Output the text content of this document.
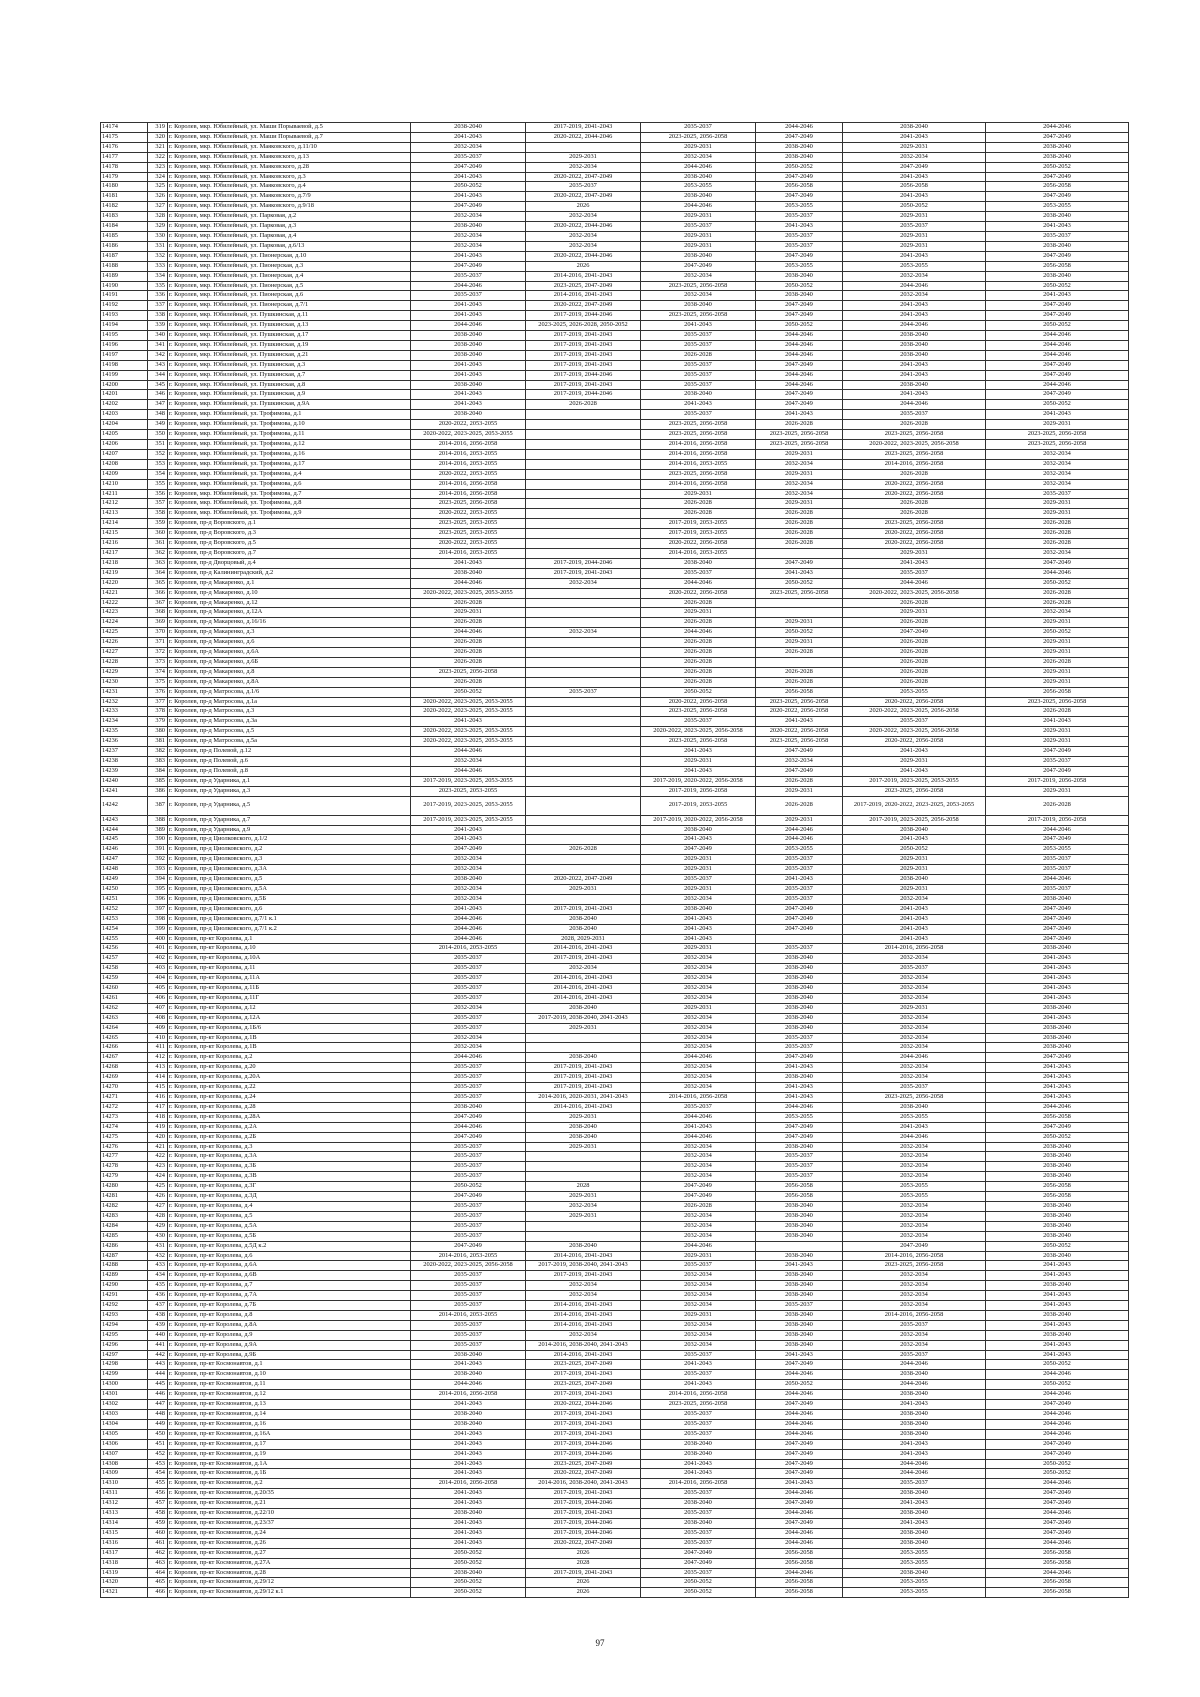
14174	319	г. Королев, мкр. Юбилейный, ул. Маши Порываевой, д.5	2038-2040	2017-2019, 2041-2043	2035-2037	2044-2046	2038-2040	2044-2046
14175	320	г. Королев, мкр. Юбилейный, ул. Маши Порываевой, д.7	2041-2043	2020-2022, 2044-2046	2023-2025, 2056-2058	2047-2049	2041-2043	2047-2049
14176	321	г. Королев, мкр. Юбилейный, ул. Маяковского, д.11/10	2032-2034		2029-2031	2038-2040	2029-2031	2038-2040
14177	322	г. Королев, мкр. Юбилейный, ул. Маяковского, д.13	2035-2037	2029-2031	2032-2034	2038-2040	2032-2034	2038-2040
14178	323	г. Королев, мкр. Юбилейный, ул. Маяковского, д.28	2047-2049	2032-2034	2044-2046	2050-2052	2047-2049	2050-2052
14179	324	г. Королев, мкр. Юбилейный, ул. Маяковского, д.3	2041-2043	2020-2022, 2047-2049	2038-2040	2047-2049	2041-2043	2047-2049
14180	325	г. Королев, мкр. Юбилейный, ул. Маяковского, д.4	2050-2052	2035-2037	2053-2055	2056-2058	2056-2058	2056-2058
14181	326	г. Королев, мкр. Юбилейный, ул. Маяковского, д.7/9	2041-2043	2020-2022, 2047-2049	2038-2040	2047-2049	2041-2043	2047-2049
14182	327	г. Королев, мкр. Юбилейный, ул. Маяковского, д.9/18	2047-2049	2026	2044-2046	2053-2055	2050-2052	2053-2055
14183	328	г. Королев, мкр. Юбилейный, ул. Парковая, д.2	2032-2034	2032-2034	2029-2031	2035-2037	2029-2031	2038-2040
14184	329	г. Королев, мкр. Юбилейный, ул. Парковая, д.3	2038-2040	2020-2022, 2044-2046	2035-2037	2041-2043	2035-2037	2041-2043
14185	330	г. Королев, мкр. Юбилейный, ул. Парковая, д.4	2032-2034	2032-2034	2029-2031	2035-2037	2029-2031	2035-2037
14186	331	г. Королев, мкр. Юбилейный, ул. Парковая, д.6/13	2032-2034	2032-2034	2029-2031	2035-2037	2029-2031	2038-2040
14187	332	г. Королев, мкр. Юбилейный, ул. Пионерская, д.10	2041-2043	2020-2022, 2044-2046	2038-2040	2047-2049	2041-2043	2047-2049
14188	333	г. Королев, мкр. Юбилейный, ул. Пионерская, д.3	2047-2049	2026	2047-2049	2053-2055	2053-2055	2056-2058
14189	334	г. Королев, мкр. Юбилейный, ул. Пионерская, д.4	2035-2037	2014-2016, 2041-2043	2032-2034	2038-2040	2032-2034	2038-2040
14190	335	г. Королев, мкр. Юбилейный, ул. Пионерская, д.5	2044-2046	2023-2025, 2047-2049	2023-2025, 2056-2058	2050-2052	2044-2046	2050-2052
14191	336	г. Королев, мкр. Юбилейный, ул. Пионерская, д.6	2035-2037	2014-2016, 2041-2043	2032-2034	2038-2040	2032-2034	2041-2043
14192	337	г. Королев, мкр. Юбилейный, ул. Пионерская, д.7/1	2041-2043	2020-2022, 2047-2049	2038-2040	2047-2049	2041-2043	2047-2049
14193	338	г. Королев, мкр. Юбилейный, ул. Пушкинская, д.11	2041-2043	2017-2019, 2044-2046	2023-2025, 2056-2058	2047-2049	2041-2043	2047-2049
14194	339	г. Королев, мкр. Юбилейный, ул. Пушкинская, д.13	2044-2046	2023-2025, 2026-2028, 2050-2052	2041-2043	2050-2052	2044-2046	2050-2052
14195	340	г. Королев, мкр. Юбилейный, ул. Пушкинская, д.17	2038-2040	2017-2019, 2041-2043	2035-2037	2044-2046	2038-2040	2044-2046
14196	341	г. Королев, мкр. Юбилейный, ул. Пушкинская, д.19	2038-2040	2017-2019, 2041-2043	2035-2037	2044-2046	2038-2040	2044-2046
14197	342	г. Королев, мкр. Юбилейный, ул. Пушкинская, д.21	2038-2040	2017-2019, 2041-2043	2026-2028	2044-2046	2038-2040	2044-2046
14198	343	г. Королев, мкр. Юбилейный, ул. Пушкинская, д.3	2041-2043	2017-2019, 2041-2043	2035-2037	2047-2049	2041-2043	2047-2049
14199	344	г. Королев, мкр. Юбилейный, ул. Пушкинская, д.7	2041-2043	2017-2019, 2044-2046	2035-2037	2044-2046	2041-2043	2047-2049
14200	345	г. Королев, мкр. Юбилейный, ул. Пушкинская, д.8	2038-2040	2017-2019, 2041-2043	2035-2037	2044-2046	2038-2040	2044-2046
14201	346	г. Королев, мкр. Юбилейный, ул. Пушкинская, д.9	2041-2043	2017-2019, 2044-2046	2038-2040	2047-2049	2041-2043	2047-2049
14202	347	г. Королев, мкр. Юбилейный, ул. Пушкинская, д.9А	2041-2043	2026-2028	2041-2043	2047-2049	2044-2046	2050-2052
14203	348	г. Королев, мкр. Юбилейный, ул. Трофимова, д.1	2038-2040		2035-2037	2041-2043	2035-2037	2041-2043
14204	349	г. Королев, мкр. Юбилейный, ул. Трофимова, д.10	2020-2022, 2053-2055		2023-2025, 2056-2058	2026-2028	2026-2028	2029-2031
14205	350	г. Королев, мкр. Юбилейный, ул. Трофимова, д.11	2020-2022, 2023-2025, 2053-2055		2023-2025, 2056-2058	2023-2025, 2056-2058	2023-2025, 2056-2058	2023-2025, 2056-2058
14206	351	г. Королев, мкр. Юбилейный, ул. Трофимова, д.12	2014-2016, 2056-2058		2014-2016, 2056-2058	2023-2025, 2056-2058	2020-2022, 2023-2025, 2056-2058	2023-2025, 2056-2058
14207	352	г. Королев, мкр. Юбилейный, ул. Трофимова, д.16	2014-2016, 2053-2055		2014-2016, 2056-2058	2029-2031	2023-2025, 2056-2058	2032-2034
14208	353	г. Королев, мкр. Юбилейный, ул. Трофимова, д.17	2014-2016, 2053-2055		2014-2016, 2053-2055	2032-2034	2014-2016, 2056-2058	2032-2034
14209	354	г. Королев, мкр. Юбилейный, ул. Трофимова, д.4	2020-2022, 2053-2055		2023-2025, 2056-2058	2029-2031	2026-2028	2032-2034
14210	355	г. Королев, мкр. Юбилейный, ул. Трофимова, д.6	2014-2016, 2056-2058		2014-2016, 2056-2058	2032-2034	2020-2022, 2056-2058	2032-2034
14211	356	г. Королев, мкр. Юбилейный, ул. Трофимова, д.7	2014-2016, 2056-2058		2029-2031	2032-2034	2020-2022, 2056-2058	2035-2037
14212	357	г. Королев, мкр. Юбилейный, ул. Трофимова, д.8	2023-2025, 2056-2058		2026-2028	2029-2031	2026-2028	2029-2031
14213	358	г. Королев, мкр. Юбилейный, ул. Трофимова, д.9	2020-2022, 2053-2055		2026-2028	2026-2028	2026-2028	2029-2031
14214	359	г. Королев, пр-д Воровского, д.1	2023-2025, 2053-2055		2017-2019, 2053-2055	2026-2028	2023-2025, 2056-2058	2026-2028
14215	360	г. Королев, пр-д Воровского, д.3	2023-2025, 2053-2055		2017-2019, 2053-2055	2026-2028	2020-2022, 2056-2058	2026-2028
14216	361	г. Королев, пр-д Воровского, д.5	2020-2022, 2053-2055		2020-2022, 2056-2058	2026-2028	2020-2022, 2056-2058	2026-2028
14217	362	г. Королев, пр-д Воровского, д.7	2014-2016, 2053-2055		2014-2016, 2053-2055		2029-2031	2032-2034
14218	363	г. Королев, пр-д Дворцовый, д.4	2041-2043	2017-2019, 2044-2046	2038-2040	2047-2049	2041-2043	2047-2049
14219	364	г. Королев, пр-д Калининградский, д.2	2038-2040	2017-2019, 2041-2043	2035-2037	2041-2043	2035-2037	2044-2046
14220	365	г. Королев, пр-д Макаренко, д.1	2044-2046	2032-2034	2044-2046	2050-2052	2044-2046	2050-2052
14221	366	г. Королев, пр-д Макаренко, д.10	2020-2022, 2023-2025, 2053-2055		2020-2022, 2056-2058	2023-2025, 2056-2058	2020-2022, 2023-2025, 2056-2058	2026-2028
14222	367	г. Королев, пр-д Макаренко, д.12	2026-2028		2026-2028		2026-2028	2026-2028
14223	368	г. Королев, пр-д Макаренко, д.12А	2029-2031		2029-2031		2029-2031	2032-2034
14224	369	г. Королев, пр-д Макаренко, д.16/16	2026-2028		2026-2028	2029-2031	2026-2028	2029-2031
14225	370	г. Королев, пр-д Макаренко, д.3	2044-2046	2032-2034	2044-2046	2050-2052	2047-2049	2050-2052
14226	371	г. Королев, пр-д Макаренко, д.6	2026-2028		2026-2028	2029-2031	2026-2028	2029-2031
14227	372	г. Королев, пр-д Макаренко, д.6А	2026-2028		2026-2028	2026-2028	2026-2028	2029-2031
14228	373	г. Королев, пр-д Макаренко, д.6Б	2026-2028		2026-2028		2026-2028	2026-2028
14229	374	г. Королев, пр-д Макаренко, д.8	2023-2025, 2056-2058		2026-2028	2026-2028	2026-2028	2029-2031
14230	375	г. Королев, пр-д Макаренко, д.8А	2026-2028		2026-2028	2026-2028	2026-2028	2029-2031
14231	376	г. Королев, пр-д Матросова, д.1/6	2050-2052	2035-2037	2050-2052	2056-2058	2053-2055	2056-2058
14232	377	г. Королев, пр-д Матросова, д.1а	2020-2022, 2023-2025, 2053-2055		2020-2022, 2056-2058	2023-2025, 2056-2058	2020-2022, 2056-2058	2023-2025, 2056-2058
14233	378	г. Королев, пр-д Матросова, д.3	2020-2022, 2023-2025, 2053-2055		2023-2025, 2056-2058	2020-2022, 2056-2058	2020-2022, 2023-2025, 2056-2058	2026-2028
14234	379	г. Королев, пр-д Матросова, д.3а	2041-2043		2035-2037	2041-2043	2035-2037	2041-2043
14235	380	г. Королев, пр-д Матросова, д.5	2020-2022, 2023-2025, 2053-2055		2020-2022, 2023-2025, 2056-2058	2020-2022, 2056-2058	2020-2022, 2023-2025, 2056-2058	2029-2031
14236	381	г. Королев, пр-д Матросова, д.5а	2020-2022, 2023-2025, 2053-2055		2023-2025, 2056-2058	2023-2025, 2056-2058	2020-2022, 2056-2058	2029-2031
14237	382	г. Королев, пр-д Полевой, д.12	2044-2046		2041-2043	2047-2049	2041-2043	2047-2049
14238	383	г. Королев, пр-д Полевой, д.6	2032-2034		2029-2031	2032-2034	2029-2031	2035-2037
14239	384	г. Королев, пр-д Полевой, д.8	2044-2046		2041-2043	2047-2049	2041-2043	2047-2049
14240	385	г. Королев, пр-д Ударника, д.1	2017-2019, 2023-2025, 2053-2055		2017-2019, 2020-2022, 2056-2058	2026-2028	2017-2019, 2023-2025, 2053-2055	2017-2019, 2056-2058
14241	386	г. Королев, пр-д Ударника, д.3	2023-2025, 2053-2055		2017-2019, 2056-2058	2029-2031	2023-2025, 2056-2058	2029-2031
14242	387	г. Королев, пр-д Ударника, д.5	2017-2019, 2023-2025, 2053-2055		2017-2019, 2053-2055	2026-2028	2017-2019, 2020-2022, 2023-2025, 2053-2055	2026-2028
14243	388	г. Королев, пр-д Ударника, д.7	2017-2019, 2023-2025, 2053-2055		2017-2019, 2020-2022, 2056-2058	2029-2031	2017-2019, 2023-2025, 2056-2058	2017-2019, 2056-2058
14244	389	г. Королев, пр-д Ударника, д.9	2041-2043		2038-2040	2044-2046	2038-2040	2044-2046
14245	390	г. Королев, пр-д Циолковского, д.1/2	2041-2043		2041-2043	2044-2046	2041-2043	2047-2049
14246	391	г. Королев, пр-д Циолковского, д.2	2047-2049	2026-2028	2047-2049	2053-2055	2050-2052	2053-2055
14247	392	г. Королев, пр-д Циолковского, д.3	2032-2034		2029-2031	2035-2037	2029-2031	2035-2037
14248	393	г. Королев, пр-д Циолковского, д.3А	2032-2034		2029-2031	2035-2037	2029-2031	2035-2037
14249	394	г. Королев, пр-д Циолковского, д.5	2038-2040	2020-2022, 2047-2049	2035-2037	2041-2043	2038-2040	2044-2046
14250	395	г. Королев, пр-д Циолковского, д.5А	2032-2034	2029-2031	2029-2031	2035-2037	2029-2031	2035-2037
14251	396	г. Королев, пр-д Циолковского, д.5Б	2032-2034		2032-2034	2035-2037	2032-2034	2038-2040
14252	397	г. Королев, пр-д Циолковского, д.6	2041-2043	2017-2019, 2041-2043	2038-2040	2047-2049	2041-2043	2047-2049
14253	398	г. Королев, пр-д Циолковского, д.7/1 к.1	2044-2046	2038-2040	2041-2043	2047-2049	2041-2043	2047-2049
14254	399	г. Королев, пр-д Циолковского, д.7/1 к.2	2044-2046	2038-2040	2041-2043	2047-2049	2041-2043	2047-2049
14255	400	г. Королев, пр-кт Королева, д.1	2044-2046	2028, 2029-2031	2041-2043		2041-2043	2047-2049
14256	401	г. Королев, пр-кт Королева, д.10	2014-2016, 2053-2055	2014-2016, 2041-2043	2029-2031	2035-2037	2014-2016, 2056-2058	2038-2040
14257	402	г. Королев, пр-кт Королева, д.10А	2035-2037	2017-2019, 2041-2043	2032-2034	2038-2040	2032-2034	2041-2043
14258	403	г. Королев, пр-кт Королева, д.11	2035-2037	2032-2034	2032-2034	2038-2040	2035-2037	2041-2043
14259	404	г. Королев, пр-кт Королева, д.11А	2035-2037	2014-2016, 2041-2043	2032-2034	2038-2040	2032-2034	2041-2043
14260	405	г. Королев, пр-кт Королева, д.11Б	2035-2037	2014-2016, 2041-2043	2032-2034	2038-2040	2032-2034	2041-2043
14261	406	г. Королев, пр-кт Королева, д.11Г	2035-2037	2014-2016, 2041-2043	2032-2034	2038-2040	2032-2034	2041-2043
14262	407	г. Королев, пр-кт Королева, д.12	2032-2034	2038-2040	2029-2031	2038-2040	2029-2031	2038-2040
14263	408	г. Королев, пр-кт Королева, д.12А	2035-2037	2017-2019, 2038-2040, 2041-2043	2032-2034	2038-2040	2032-2034	2041-2043
14264	409	г. Королев, пр-кт Королева, д.1Б/6	2035-2037	2029-2031	2032-2034	2038-2040	2032-2034	2038-2040
14265	410	г. Королев, пр-кт Королева, д.1В	2032-2034		2032-2034	2035-2037	2032-2034	2038-2040
14266	411	г. Королев, пр-кт Королева, д.1В	2032-2034		2032-2034	2035-2037	2032-2034	2038-2040
14267	412	г. Королев, пр-кт Королева, д.2	2044-2046	2038-2040	2044-2046	2047-2049	2044-2046	2047-2049
14268	413	г. Королев, пр-кт Королева, д.20	2035-2037	2017-2019, 2041-2043	2032-2034	2041-2043	2032-2034	2041-2043
14269	414	г. Королев, пр-кт Королева, д.20А	2035-2037	2017-2019, 2041-2043	2032-2034	2038-2040	2032-2034	2041-2043
14270	415	г. Королев, пр-кт Королева, д.22	2035-2037	2017-2019, 2041-2043	2032-2034	2041-2043	2035-2037	2041-2043
14271	416	г. Королев, пр-кт Королева, д.24	2035-2037	2014-2016, 2020-2031, 2041-2043	2014-2016, 2056-2058	2041-2043	2023-2025, 2056-2058	2041-2043
14272	417	г. Королев, пр-кт Королева, д.28	2038-2040	2014-2016, 2041-2043	2035-2037	2044-2046	2038-2040	2044-2046
14273	418	г. Королев, пр-кт Королева, д.28А	2047-2049	2029-2031	2044-2046	2053-2055	2053-2055	2056-2058
14274	419	г. Королев, пр-кт Королева, д.2А	2044-2046	2038-2040	2041-2043	2047-2049	2041-2043	2047-2049
14275	420	г. Королев, пр-кт Королева, д.2Б	2047-2049	2038-2040	2044-2046	2047-2049	2044-2046	2050-2052
14276	421	г. Королев, пр-кт Королева, д.3	2035-2037	2029-2031	2032-2034	2038-2040	2032-2034	2038-2040
14277	422	г. Королев, пр-кт Королева, д.3А	2035-2037		2032-2034	2035-2037	2032-2034	2038-2040
14278	423	г. Королев, пр-кт Королева, д.3Б	2035-2037		2032-2034	2035-2037	2032-2034	2038-2040
14279	424	г. Королев, пр-кт Королева, д.3В	2035-2037		2032-2034	2035-2037	2032-2034	2038-2040
14280	425	г. Королев, пр-кт Королева, д.3Г	2050-2052	2028	2047-2049	2056-2058	2053-2055	2056-2058
14281	426	г. Королев, пр-кт Королева, д.3Д	2047-2049	2029-2031	2047-2049	2056-2058	2053-2055	2056-2058
14282	427	г. Королев, пр-кт Королева, д.4	2035-2037	2032-2034	2026-2028	2038-2040	2032-2034	2038-2040
14283	428	г. Королев, пр-кт Королева, д.5	2035-2037	2029-2031	2032-2034	2038-2040	2032-2034	2038-2040
14284	429	г. Королев, пр-кт Королева, д.5А	2035-2037		2032-2034	2038-2040	2032-2034	2038-2040
14285	430	г. Королев, пр-кт Королева, д.5Б	2035-2037		2032-2034	2038-2040	2032-2034	2038-2040
14286	431	г. Королев, пр-кт Королева, д.5Д к.2	2047-2049	2038-2040	2044-2046		2047-2049	2050-2052
14287	432	г. Королев, пр-кт Королева, д.6	2014-2016, 2053-2055	2014-2016, 2041-2043	2029-2031	2038-2040	2014-2016, 2056-2058	2038-2040
14288	433	г. Королев, пр-кт Королева, д.6А	2020-2022, 2023-2025, 2056-2058	2017-2019, 2038-2040, 2041-2043	2035-2037	2041-2043	2023-2025, 2056-2058	2041-2043
14289	434	г. Королев, пр-кт Королева, д.6В	2035-2037	2017-2019, 2041-2043	2032-2034	2038-2040	2032-2034	2041-2043
14290	435	г. Королев, пр-кт Королева, д.7	2035-2037	2032-2034	2032-2034	2038-2040	2032-2034	2038-2040
14291	436	г. Королев, пр-кт Королева, д.7А	2035-2037	2032-2034	2032-2034	2038-2040	2032-2034	2041-2043
14292	437	г. Королев, пр-кт Королева, д.7Б	2035-2037	2014-2016, 2041-2043	2032-2034	2035-2037	2032-2034	2041-2043
14293	438	г. Королев, пр-кт Королева, д.8	2014-2016, 2053-2055	2014-2016, 2041-2043	2029-2031	2038-2040	2014-2016, 2056-2058	2038-2040
14294	439	г. Королев, пр-кт Королева, д.8А	2035-2037	2014-2016, 2041-2043	2032-2034	2038-2040	2035-2037	2041-2043
14295	440	г. Королев, пр-кт Королева, д.9	2035-2037	2032-2034	2032-2034	2038-2040	2032-2034	2038-2040
14296	441	г. Королев, пр-кт Королева, д.9А	2035-2037	2014-2016, 2038-2040, 2041-2043	2032-2034	2038-2040	2032-2034	2041-2043
14297	442	г. Королев, пр-кт Королева, д.9Б	2038-2040	2014-2016, 2041-2043	2035-2037	2041-2043	2035-2037	2041-2043
14298	443	г. Королев, пр-кт Космонавтов, д.1	2041-2043	2023-2025, 2047-2049	2041-2043	2047-2049	2044-2046	2050-2052
14299	444	г. Королев, пр-кт Космонавтов, д.10	2038-2040	2017-2019, 2041-2043	2035-2037	2044-2046	2038-2040	2044-2046
14300	445	г. Королев, пр-кт Космонавтов, д.11	2044-2046	2023-2025, 2047-2049	2041-2043	2050-2052	2044-2046	2050-2052
14301	446	г. Королев, пр-кт Космонавтов, д.12	2014-2016, 2056-2058	2017-2019, 2041-2043	2014-2016, 2056-2058	2044-2046	2038-2040	2044-2046
14302	447	г. Королев, пр-кт Космонавтов, д.13	2041-2043	2020-2022, 2044-2046	2023-2025, 2056-2058	2047-2049	2041-2043	2047-2049
14303	448	г. Королев, пр-кт Космонавтов, д.14	2038-2040	2017-2019, 2041-2043	2035-2037	2044-2046	2038-2040	2044-2046
14304	449	г. Королев, пр-кт Космонавтов, д.16	2038-2040	2017-2019, 2041-2043	2035-2037	2044-2046	2038-2040	2044-2046
14305	450	г. Королев, пр-кт Космонавтов, д.16А	2041-2043	2017-2019, 2041-2043	2035-2037	2044-2046	2038-2040	2044-2046
14306	451	г. Королев, пр-кт Космонавтов, д.17	2041-2043	2017-2019, 2044-2046	2038-2040	2047-2049	2041-2043	2047-2049
14307	452	г. Королев, пр-кт Космонавтов, д.19	2041-2043	2017-2019, 2044-2046	2038-2040	2047-2049	2041-2043	2047-2049
14308	453	г. Королев, пр-кт Космонавтов, д.1А	2041-2043	2023-2025, 2047-2049	2041-2043	2047-2049	2044-2046	2050-2052
14309	454	г. Королев, пр-кт Космонавтов, д.1Б	2041-2043	2020-2022, 2047-2049	2041-2043	2047-2049	2044-2046	2050-2052
14310	455	г. Королев, пр-кт Космонавтов, д.2	2014-2016, 2056-2058	2014-2016, 2038-2040, 2041-2043	2014-2016, 2056-2058	2041-2043	2035-2037	2044-2046
14311	456	г. Королев, пр-кт Космонавтов, д.20/35	2041-2043	2017-2019, 2041-2043	2035-2037	2044-2046	2038-2040	2047-2049
14312	457	г. Королев, пр-кт Космонавтов, д.21	2041-2043	2017-2019, 2044-2046	2038-2040	2047-2049	2041-2043	2047-2049
14313	458	г. Королев, пр-кт Космонавтов, д.22/10	2038-2040	2017-2019, 2041-2043	2035-2037	2044-2046	2038-2040	2044-2046
14314	459	г. Королев, пр-кт Космонавтов, д.23/37	2041-2043	2017-2019, 2044-2046	2038-2040	2047-2049	2041-2043	2047-2049
14315	460	г. Королев, пр-кт Космонавтов, д.24	2041-2043	2017-2019, 2044-2046	2035-2037	2044-2046	2038-2040	2047-2049
14316	461	г. Королев, пр-кт Космонавтов, д.26	2041-2043	2020-2022, 2047-2049	2035-2037	2044-2046	2038-2040	2044-2046
14317	462	г. Королев, пр-кт Космонавтов, д.27	2050-2052	2026	2047-2049	2056-2058	2053-2055	2056-2058
14318	463	г. Королев, пр-кт Космонавтов, д.27А	2050-2052	2028	2047-2049	2056-2058	2053-2055	2056-2058
14319	464	г. Королев, пр-кт Космонавтов, д.28	2038-2040	2017-2019, 2041-2043	2035-2037	2044-2046	2038-2040	2044-2046
14320	465	г. Королев, пр-кт Космонавтов, д.29/12	2050-2052	2026	2050-2052	2056-2058	2053-2055	2056-2058
14321	466	г. Королев, пр-кт Космонавтов, д.29/12 к.1	2050-2052	2026	2050-2052	2056-2058	2053-2055	2056-2058
97
